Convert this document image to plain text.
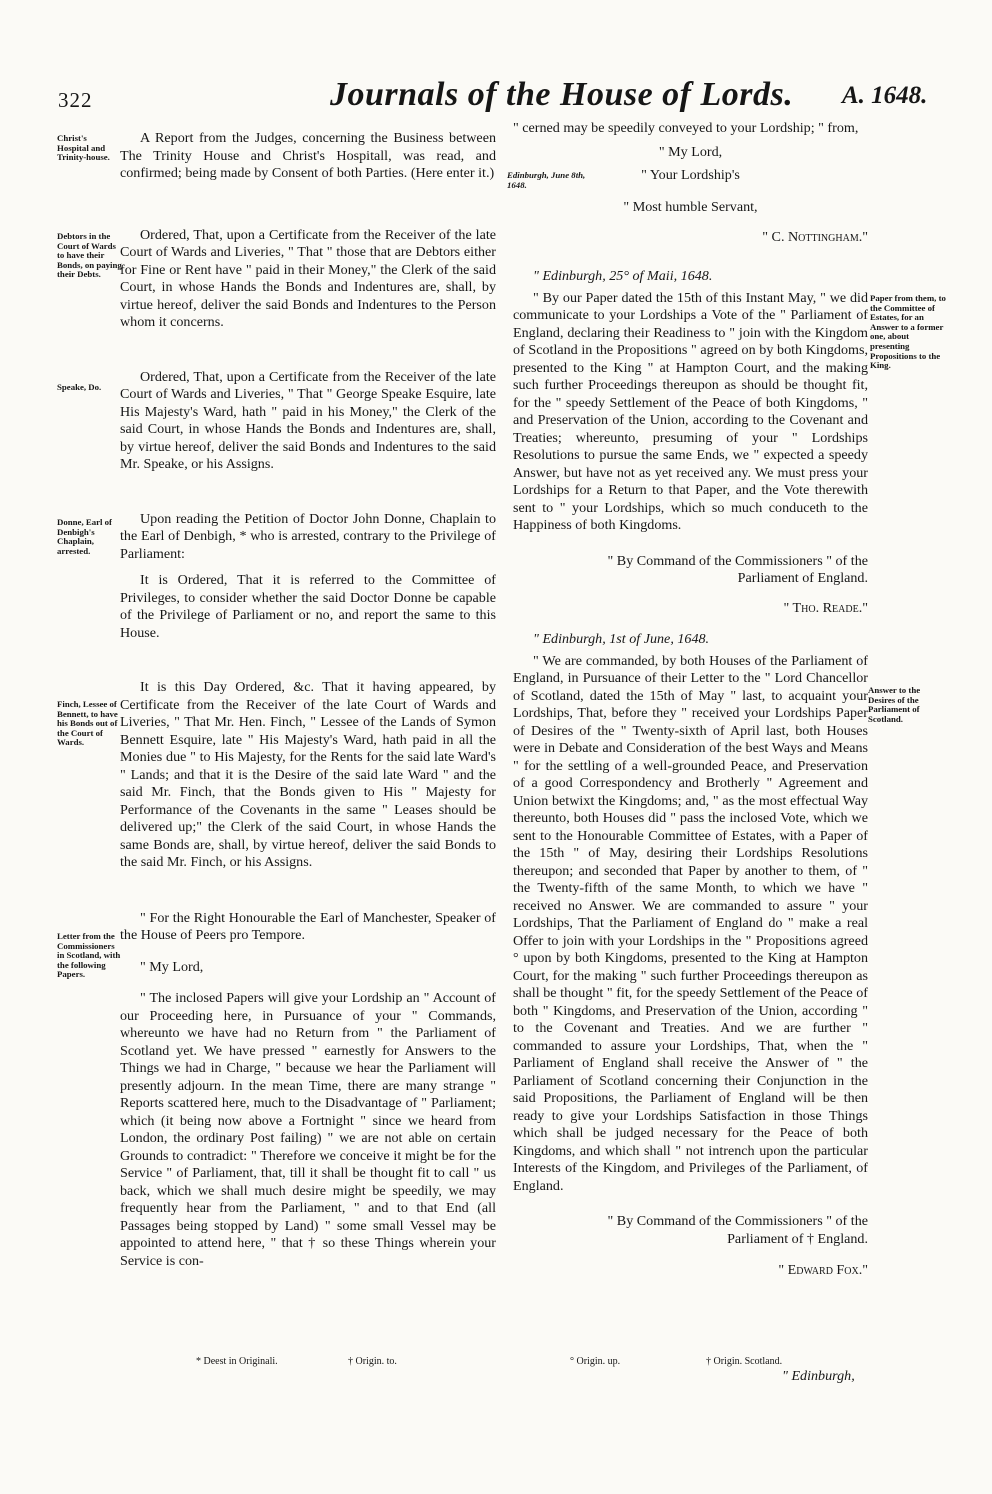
322	Journals of the House of Lords. A. 1648.
Christ's Hospital and Trinity-house.
Debtors in the Court of Wards to have their Bonds, on paying their Debts.
Speake, Do.
Donne, Earl of Denbigh's Chaplain, arrested.
Finch, Lessee of Bennett, to have his Bonds out of the Court of Wards.
Letter from the Commissioners in Scotland, with the following Papers.
Paper from them, to the Committee of Estates, for an Answer to a former one, about presenting Propositions to the King.
Answer to the Desires of the Parliament of Scotland.

A Report from the Judges, concerning the Business between The Trinity House and Christ's Hospitall, was read, and confirmed; being made by Consent of both Parties. (Here enter it.)

Ordered, That, upon a Certificate from the Receiver of the late Court of Wards and Liveries, " That " those that are Debtors either for Fine or Rent have " paid in their Money," the Clerk of the said Court, in whose Hands the Bonds and Indentures are, shall, by virtue hereof, deliver the said Bonds and Indentures to the Person whom it concerns.

Ordered, That, upon a Certificate from the Receiver of the late Court of Wards and Liveries, " That " George Speake Esquire, late His Majesty's Ward, hath " paid in his Money," the Clerk of the said Court, in whose Hands the Bonds and Indentures are, shall, by virtue hereof, deliver the said Bonds and Indentures to the said Mr. Speake, or his Assigns.

Upon reading the Petition of Doctor John Donne, Chaplain to the Earl of Denbigh, * who is arrested, contrary to the Privilege of Parliament:

It is Ordered, That it is referred to the Committee of Privileges, to consider whether the said Doctor Donne be capable of the Privilege of Parliament or no, and report the same to this House.

It is this Day Ordered, &c. That it having appeared, by Certificate from the Receiver of the late Court of Wards and Liveries, " That Mr. Hen. Finch, " Lessee of the Lands of Symon Bennett Esquire, late " His Majesty's Ward, hath paid in all the Monies due " to His Majesty, for the Rents for the said late Ward's " Lands; and that it is the Desire of the said late Ward " and the said Mr. Finch, that the Bonds given to His " Majesty for Performance of the Covenants in the same " Leases should be delivered up;" the Clerk of the said Court, in whose Hands the same Bonds are, shall, by virtue hereof, deliver the said Bonds to the said Mr. Finch, or his Assigns.

" For the Right Honourable the Earl of Manchester, Speaker of the House of Peers pro Tempore.

" My Lord,

" The inclosed Papers will give your Lordship an " Account of our Proceeding here, in Pursuance of your " Commands, whereunto we have had no Return from " the Parliament of Scotland yet. We have pressed " earnestly for Answers to the Things we had in Charge, " because we hear the Parliament will presently adjourn. In the mean Time, there are many strange " Reports scattered here, much to the Disadvantage of " Parliament; which (it being now above a Fortnight " since we heard from London, the ordinary Post failing) " we are not able on certain Grounds to contradict: " Therefore we conceive it might be for the Service " of Parliament, that, till it shall be thought fit to call " us back, which we shall much desire might be speedily, we may frequently hear from the Parliament, " and to that End (all Passages being stopped by Land) " some small Vessel may be appointed to attend here, " that † so these Things wherein your Service is con-

" cerned may be speedily conveyed to your Lordship; " from,

" My Lord,

Edinburgh, June 8th, 1648.

" Your Lordship's

" Most humble Servant,

" C. Nottingham."

" Edinburgh, 25° of Maii, 1648.

" By our Paper dated the 15th of this Instant May, " we did communicate to your Lordships a Vote of the " Parliament of England, declaring their Readiness to " join with the Kingdom of Scotland in the Propositions " agreed on by both Kingdoms, presented to the King " at Hampton Court, and the making such further Proceedings thereupon as should be thought fit, for the " speedy Settlement of the Peace of both Kingdoms, " and Preservation of the Union, according to the Covenant and Treaties; whereunto, presuming of your " Lordships Resolutions to pursue the same Ends, we " expected a speedy Answer, but have not as yet received any. We must press your Lordships for a Return to that Paper, and the Vote therewith sent to " your Lordships, which so much conduceth to the Happiness of both Kingdoms.

" By Command of the Commissioners " of the Parliament of England.

" Tho. Reade."

" Edinburgh, 1st of June, 1648.

" We are commanded, by both Houses of the Parliament of England, in Pursuance of their Letter to the " Lord Chancellor of Scotland, dated the 15th of May " last, to acquaint your Lordships, That, before they " received your Lordships Paper of Desires of the " Twenty-sixth of April last, both Houses were in Debate and Consideration of the best Ways and Means " for the settling of a well-grounded Peace, and Preservation of a good Correspondency and Brotherly " Agreement and Union betwixt the Kingdoms; and, " as the most effectual Way thereunto, both Houses did " pass the inclosed Vote, which we sent to the Honourable Committee of Estates, with a Paper of the 15th " of May, desiring their Lordships Resolutions thereupon; and seconded that Paper by another to them, of " the Twenty-fifth of the same Month, to which we have " received no Answer. We are commanded to assure " your Lordships, That the Parliament of England do " make a real Offer to join with your Lordships in the " Propositions agreed ° upon by both Kingdoms, presented to the King at Hampton Court, for the making " such further Proceedings thereupon as shall be thought " fit, for the speedy Settlement of the Peace of both " Kingdoms, and Preservation of the Union, according " to the Covenant and Treaties. And we are further " commanded to assure your Lordships, That, when the " Parliament of England shall receive the Answer of " the Parliament of Scotland concerning their Conjunction in the said Propositions, the Parliament of England will be then ready to give your Lordships Satisfaction in those Things which shall be judged necessary for the Peace of both Kingdoms, and which shall " not intrench upon the particular Interests of the Kingdom, and Privileges of the Parliament, of England.

" By Command of the Commissioners " of the Parliament of † England.

" Edward Fox."

* Deest in Originali.	† Origin. to.	° Origin. up.	† Origin. Scotland.
" Edinburgh,
